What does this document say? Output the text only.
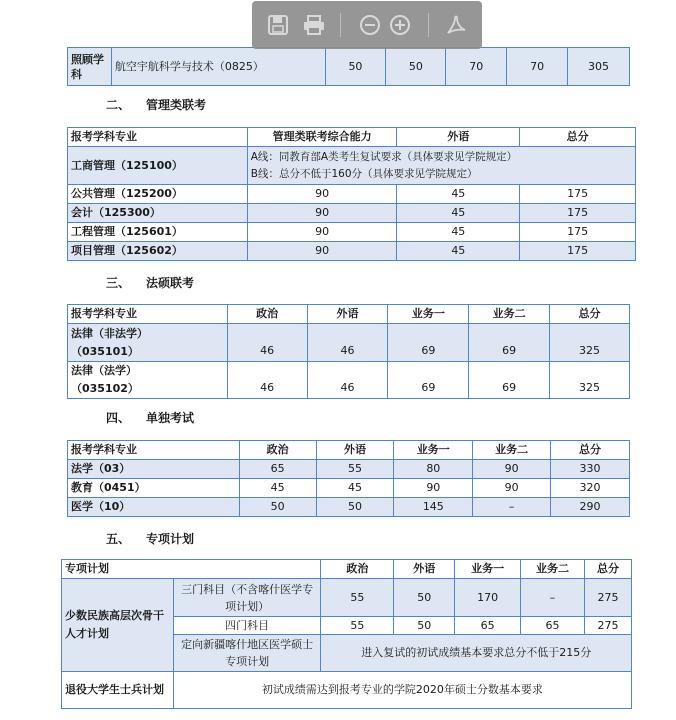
照顾学科	航空宇航科学与技术（0825）	50	50	70	70	305
二、 管理类联考
报考学科专业	管理类联考综合能力	外语	总分
工商管理（125100）	A线：同教育部A类考生复试要求（具体要求见学院规定）
B线：总分不低于160分（具体要求见学院规定）		

公共管理（125200）	90	45	175
会计（125300）	90	45	175
工程管理（125601）	90	45	175
项目管理（125602）	90	45	175
三、 法硕联考
报考学科专业	政治	外语	业务一	业务二	总分

法律（非法学）
（035101）	46	46	69	69	325

法律（法学）
（035102）	46	46	69	69	325
四、 单独考试
报考学科专业	政治	外语	业务一	业务二	总分
法学（03）	65	55	80	90	330
教育（0451）	45	45	90	90	320
医学（10）	50	50	145	–	290
五、 专项计划
专项计划		政治	外语	业务一	业务二	总分
少数民族高层次骨干人才计划	三门科目（不含喀什医学专项计划）	55	50	170	–	275
	四门科目	55	50	65	65	275
	定向新疆喀什地区医学硕士专项计划	进入复试的初试成绩基本要求总分不低于215分				
退役大学生士兵计划	初试成绩需达到报考专业的学院2020年硕士分数基本要求					
